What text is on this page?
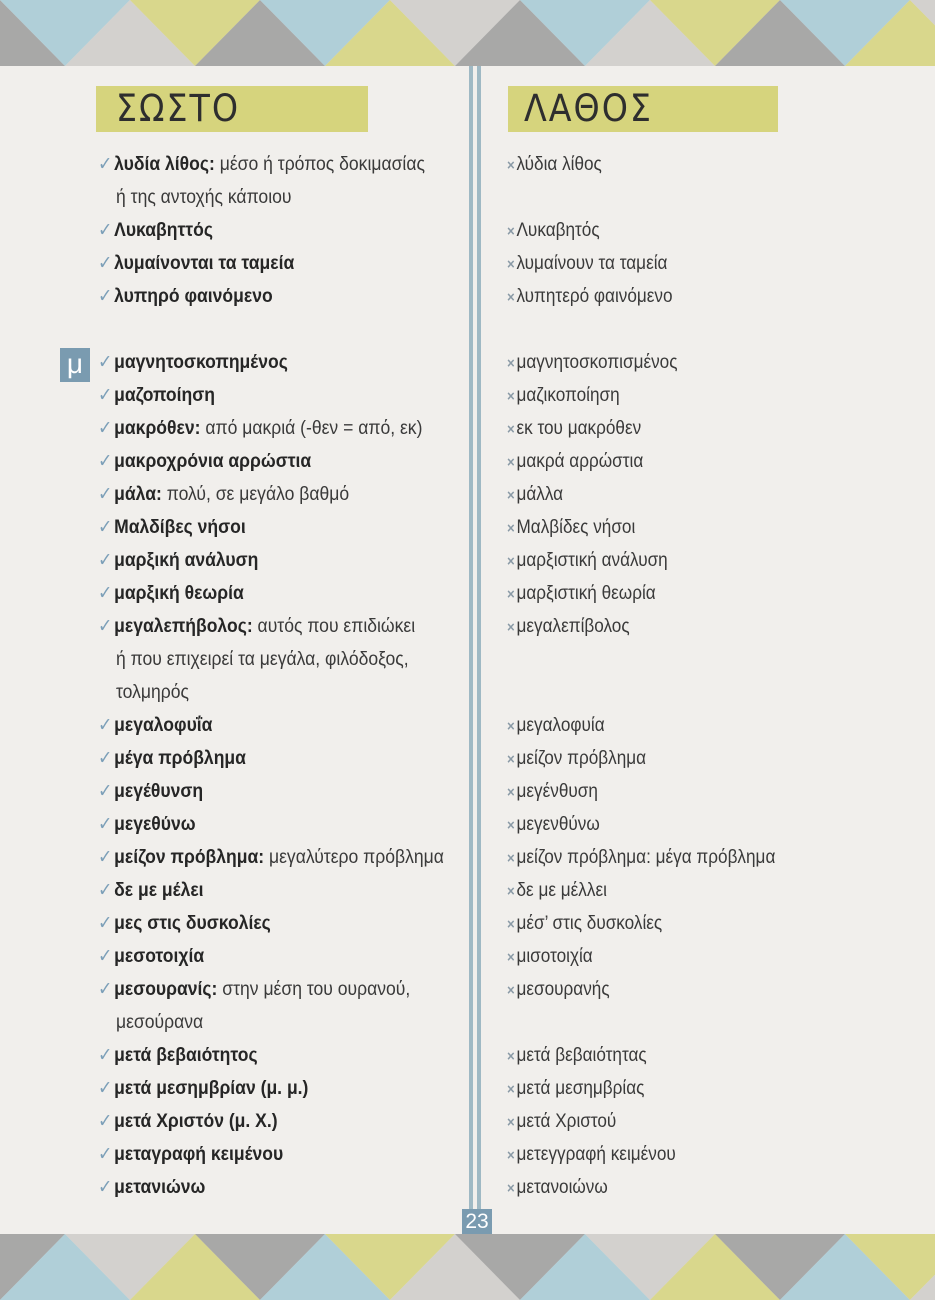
ΣΩΣΤΟ	ΛΑΘΟΣ
μ
✓λυδία λίθος: μέσο ή τρόπος δοκιμασίας
ή της αντοχής κάποιου
✓Λυκαβηττός
✓λυμαίνονται τα ταμεία
✓λυπηρό φαινόμενο
✓μαγνητοσκοπημένος
✓μαζοποίηση
✓μακρόθεν: από μακριά (-θεν = από, εκ)
✓μακροχρόνια αρρώστια
✓μάλα: πολύ, σε μεγάλο βαθμό
✓Μαλδίβες νήσοι
✓μαρξική ανάλυση
✓μαρξική θεωρία
✓μεγαλεπήβολος: αυτός που επιδιώκει
ή που επιχειρεί τα μεγάλα, φιλόδοξος,
τολμηρός
✓μεγαλοφυΐα
✓μέγα πρόβλημα
✓μεγέθυνση
✓μεγεθύνω
✓μείζον πρόβλημα: μεγαλύτερο πρόβλημα
✓δε με μέλει
✓μες στις δυσκολίες
✓μεσοτοιχία
✓μεσουρανίς: στην μέση του ουρανού,
μεσούρανα
✓μετά βεβαιότητος
✓μετά μεσημβρίαν (μ. μ.)
✓μετά Χριστόν (μ. Χ.)
✓μεταγραφή κειμένου
✓μετανιώνω
×λύδια λίθος
×Λυκαβητός
×λυμαίνουν τα ταμεία
×λυπητερό φαινόμενο
×μαγνητοσκοπισμένος
×μαζικοποίηση
×εκ του μακρόθεν
×μακρά αρρώστια
×μάλλα
×Μαλβίδες νήσοι
×μαρξιστική ανάλυση
×μαρξιστική θεωρία
×μεγαλεπίβολος
×μεγαλοφυία
×μείζον πρόβλημα
×μεγένθυση
×μεγενθύνω
×μείζον πρόβλημα: μέγα πρόβλημα
×δε με μέλλει
×μέσ’ στις δυσκολίες
×μισοτοιχία
×μεσουρανής
×μετά βεβαιότητας
×μετά μεσημβρίας
×μετά Χριστού
×μετεγγραφή κειμένου
×μετανοιώνω
23
